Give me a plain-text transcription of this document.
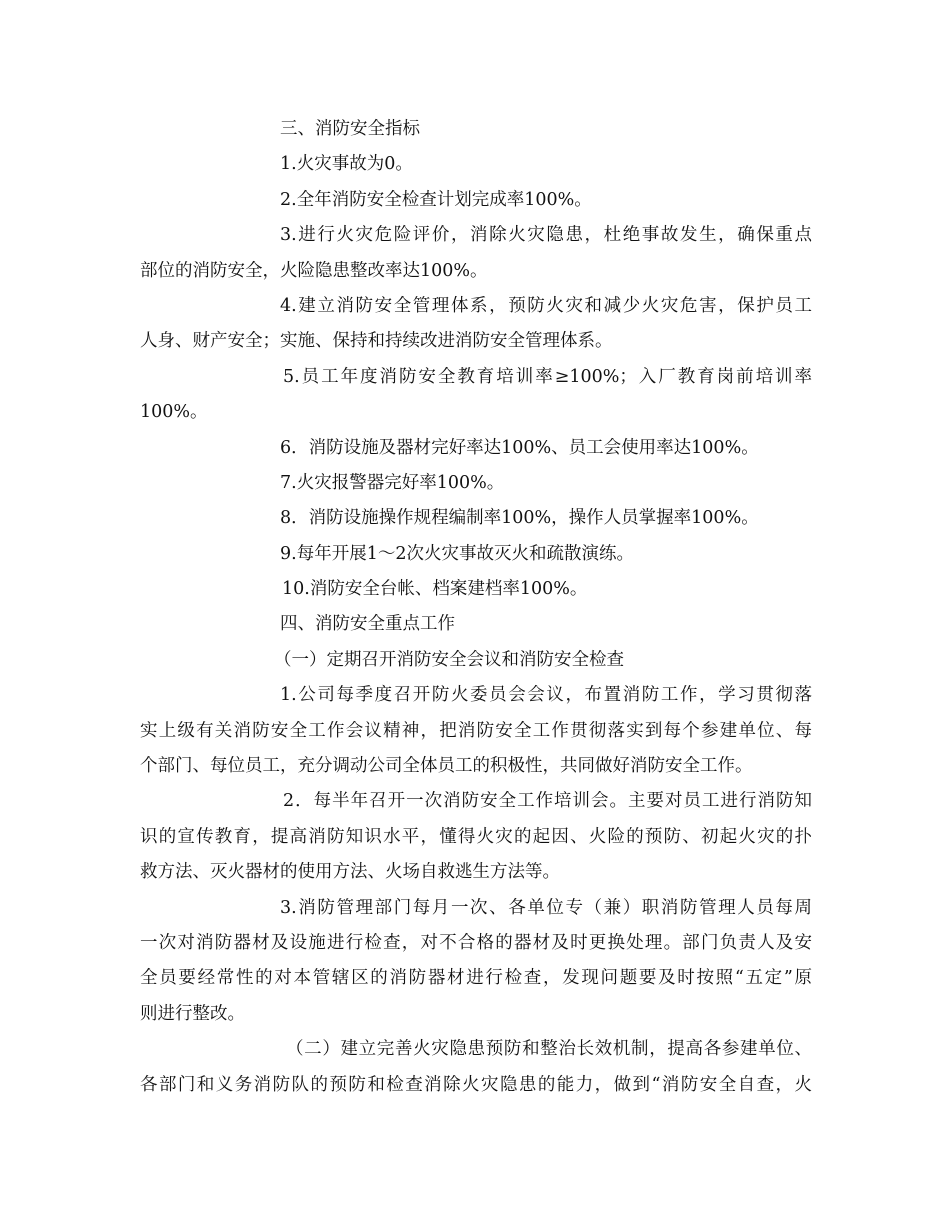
三、消防安全指标
1.火灾事故为0。
2.全年消防安全检查计划完成率100%。
3.进行火灾危险评价，消除火灾隐患，杜绝事故发生，确保重点
部位的消防安全，火险隐患整改率达100%。
4.建立消防安全管理体系，预防火灾和减少火灾危害，保护员工
人身、财产安全；实施、保持和持续改进消防安全管理体系。
5.员工年度消防安全教育培训率≥100%；入厂教育岗前培训率
100%。
6．消防设施及器材完好率达100%、员工会使用率达100%。
7.火灾报警器完好率100%。
8．消防设施操作规程编制率100%，操作人员掌握率100%。
9.每年开展1～2次火灾事故灭火和疏散演练。
10.消防安全台帐、档案建档率100%。
四、消防安全重点工作
（一）定期召开消防安全会议和消防安全检查
1.公司每季度召开防火委员会会议，布置消防工作，学习贯彻落
实上级有关消防安全工作会议精神，把消防安全工作贯彻落实到每个参建单位、每
个部门、每位员工，充分调动公司全体员工的积极性，共同做好消防安全工作。
2．每半年召开一次消防安全工作培训会。主要对员工进行消防知
识的宣传教育，提高消防知识水平，懂得火灾的起因、火险的预防、初起火灾的扑
救方法、灭火器材的使用方法、火场自救逃生方法等。
3.消防管理部门每月一次、各单位专（兼）职消防管理人员每周
一次对消防器材及设施进行检查，对不合格的器材及时更换处理。部门负责人及安
全员要经常性的对本管辖区的消防器材进行检查，发现问题要及时按照“五定”原
则进行整改。
（二）建立完善火灾隐患预防和整治长效机制，提高各参建单位、
各部门和义务消防队的预防和检查消除火灾隐患的能力，做到“消防安全自查，火
